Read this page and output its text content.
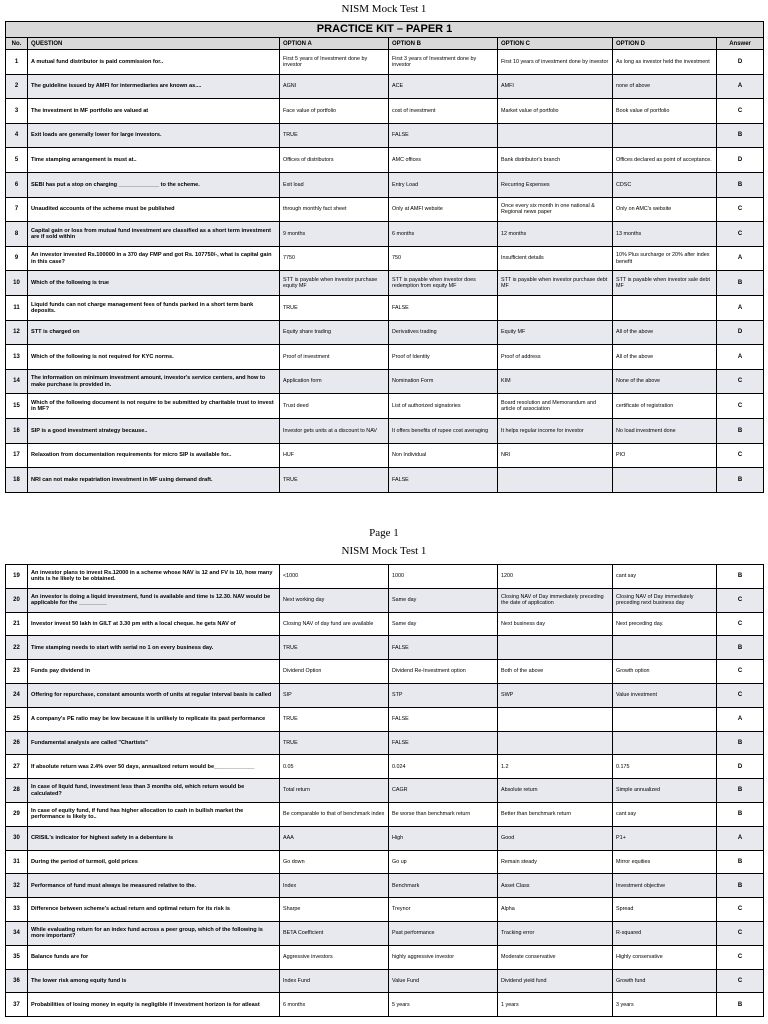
NISM Mock Test 1
PRACTICE KIT – PAPER 1						
No.	QUESTION	OPTION A	OPTION B	OPTION C	OPTION D	Answer
1	A mutual fund distributor is paid commission for..	First 5 years of Investment done by investor	First 3 years of Investment done by investor	First 10 years of investment done by investor	As long as investor held the investment	D
2	The guideline issued by AMFI for intermediaries are known as....	AGNI	ACE	AMFI	none of above	A
3	The investment in MF portfolio are valued at	Face value of portfolio	cost of investment	Market value of portfolio	Book value of portfolio	C
4	Exit loads are generally lower for large investors.	TRUE	FALSE			B
5	Time stamping arrangement is must at..	Offices of distributors	AMC offices	Bank distributor's branch	Offices declared as point of acceptance.	D
6	SEBI has put a stop on charging _____________ to the scheme.	Exit load	Entry Load	Recurring Expenses	CDSC	B
7	Unaudited accounts of the scheme must be published	through monthly fact sheet	Only at AMFI website	Once every six month in one national & Regional news paper	Only on AMC's website	C
8	Capital gain or loss from mutual fund investment are classified as a short term investment are if sold within	9 months	6 months	12 months	13 months	C
9	An investor invested Rs.100000 in a 370 day FMP and got Rs. 107750/-, what is capital gain in this case?	7750	750	Insufficient details	10% Plus surcharge or 20% after index benefit	A
10	Which of the following is true	STT is payable when investor purchase equity MF	STT is payable when investor does redemption from equity MF	STT is payable when investor purchase debt MF	STT is payable when investor sale debt MF	B
11	Liquid funds can not charge management fees of funds parked in a short term bank deposits.	TRUE	FALSE			A
12	STT is charged on	Equity share trading	Derivatives trading	Equity MF	All of the above	D
13	Which of the following is not required for KYC norms.	Proof of investment	Proof of Identity	Proof of address	All of the above	A
14	The information on minimum investment amount, investor's service centers, and how to make purchase is provided in.	Application form	Nomination Form	KIM	None of the above	C
15	Which of the following document is not require to be submitted by charitable trust to invest in MF?	Trust deed	List of authorized signatories	Board resolution and Memorandum and article of association	certificate of registration	C
16	SIP is a good investment strategy because..	Investor gets units at a discount to NAV	It offers benefits of rupee cost averaging	It helps regular income for investor	No load investment done	B
17	Relaxation from documentation requirements for micro SIP is available for..	HUF	Non Individual	NRI	PIO	C
18	NRI can not make repatriation investment in MF using demand draft.	TRUE	FALSE			B
Page 1
NISM Mock Test 1
19	An investor plans to invest Rs.12000 in a scheme whose NAV is 12 and FV is 10, how many units is he likely to be obtained.	<1000	1000	1200	cant say	B
20	An investor is doing a liquid investment, fund is available and time is 12.30. NAV would be applicable for the _________	Next working day	Same day	Closing NAV of Day immediately preceding the date of application	Closing NAV of Day immediately preceding next business day	C
21	Investor invest 50 lakh in GILT at 3.30 pm with a local cheque. he gets NAV of	Closing NAV of day fund are available	Same day	Next business day	Next preceding day.	C
22	Time stamping needs to start with serial no 1 on every business day.	TRUE	FALSE			B
23	Funds pay dividend in	Dividend Option	Dividend Re-Investment option	Both of the above	Growth option	C
24	Offering for repurchase, constant amounts worth of units at regular interval basis is called	SIP	STP	SWP	Value investment	C
25	A company's PE ratio may be low because it is unlikely to replicate its past performance	TRUE	FALSE			A
26	Fundamental analysis are called "Chartists"	TRUE	FALSE			B
27	If absolute return was 2.4% over 50 days, annualized return would be_____________	0.05	0.024	1.2	0.175	D
28	In case of liquid fund, investment less than 3 months old, which return would be calculated?	Total return	CAGR	Absolute return	Simple annualized	B
29	In case of equity fund, if fund has higher allocation to cash in bullish market the performance is likely to..	Be comparable to that of benchmark index	Be worse than benchmark return	Better than benchmark return	cant say	B
30	CRISIL's indicator for highest safety in a debenture is	AAA	High	Good	P1+	A
31	During the period of turmoil, gold prices	Go down	Go up	Remain steady	Mirror equities	B
32	Performance of fund must always be measured relative to the.	Index	Benchmark	Asset Class	Investment objective	B
33	Difference between scheme's actual return and optimal return for its risk is	Sharpe	Treynor	Alpha	Spread	C
34	While evaluating return for an index fund across a peer group, which of the following is more important?	BETA Coefficient	Past performance	Tracking error	R-squared	C
35	Balance funds are for	Aggressive investors	highly aggressive investor	Moderate conservative	Highly conservative	C
36	The lower risk among equity fund is	Index Fund	Value Fund	Dividend yield fund	Growth fund	C
37	Probabilities of losing money in equity is negligible if investment horizon is for atleast	6 months	5 years	1 years	3 years	B
